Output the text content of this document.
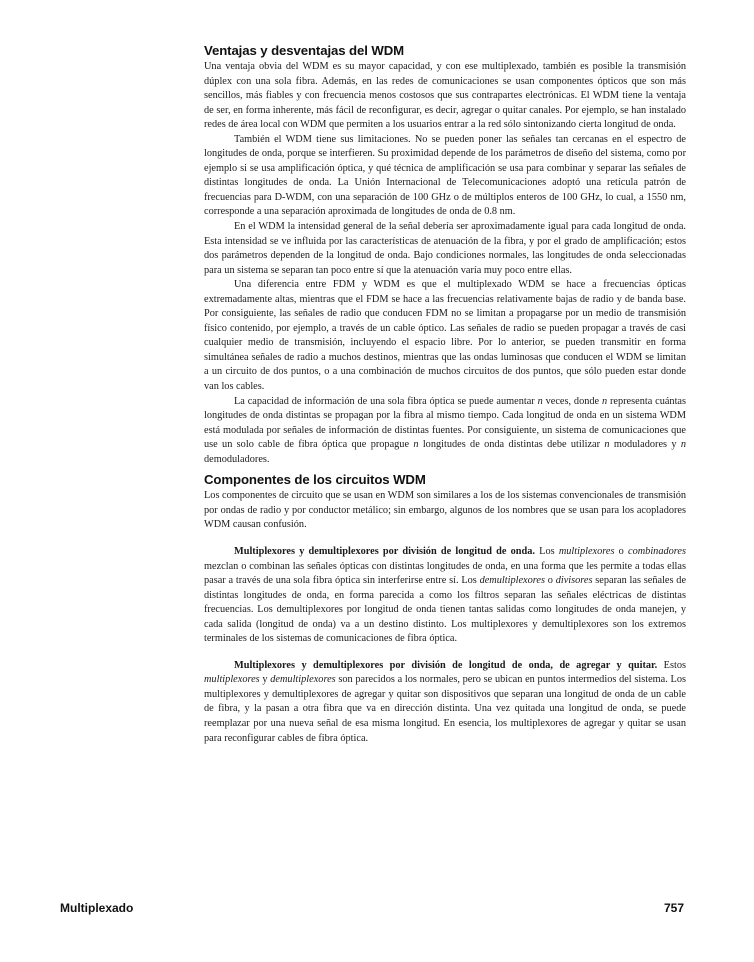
Ventajas y desventajas del WDM

Una ventaja obvia del WDM es su mayor capacidad, y con ese multiplexado, también es posible la transmisión dúplex con una sola fibra. Además, en las redes de comunicaciones se usan componentes ópticos que son más sencillos, más fiables y con frecuencia menos costosos que sus contrapartes electrónicas. El WDM tiene la ventaja de ser, en forma inherente, más fácil de reconfigurar, es decir, agregar o quitar canales. Por ejemplo, se han instalado redes de área local con WDM que permiten a los usuarios entrar a la red sólo sintonizando cierta longitud de onda.

También el WDM tiene sus limitaciones. No se pueden poner las señales tan cercanas en el espectro de longitudes de onda, porque se interfieren. Su proximidad depende de los parámetros de diseño del sistema, como por ejemplo si se usa amplificación óptica, y qué técnica de amplificación se usa para combinar y separar las señales de distintas longitudes de onda. La Unión Internacional de Telecomunicaciones adoptó una retícula patrón de frecuencias para D-WDM, con una separación de 100 GHz o de múltiplos enteros de 100 GHz, lo cual, a 1550 nm, corresponde a una separación aproximada de longitudes de onda de 0.8 nm.

En el WDM la intensidad general de la señal debería ser aproximadamente igual para cada longitud de onda. Esta intensidad se ve influida por las características de atenuación de la fibra, y por el grado de amplificación; estos dos parámetros dependen de la longitud de onda. Bajo condiciones normales, las longitudes de onda seleccionadas para un sistema se separan tan poco entre sí que la atenuación varía muy poco entre ellas.

Una diferencia entre FDM y WDM es que el multiplexado WDM se hace a frecuencias ópticas extremadamente altas, mientras que el FDM se hace a las frecuencias relativamente bajas de radio y de banda base. Por consiguiente, las señales de radio que conducen FDM no se limitan a propagarse por un medio de transmisión físico contenido, por ejemplo, a través de un cable óptico. Las señales de radio se pueden propagar a través de casi cualquier medio de transmisión, incluyendo el espacio libre. Por lo anterior, se pueden transmitir en forma simultánea señales de radio a muchos destinos, mientras que las ondas luminosas que conducen el WDM se limitan a un circuito de dos puntos, o a una combinación de muchos circuitos de dos puntos, que sólo pueden estar donde van los cables.

La capacidad de información de una sola fibra óptica se puede aumentar n veces, donde n representa cuántas longitudes de onda distintas se propagan por la fibra al mismo tiempo. Cada longitud de onda en un sistema WDM está modulada por señales de información de distintas fuentes. Por consiguiente, un sistema de comunicaciones que use un solo cable de fibra óptica que propague n longitudes de onda distintas debe utilizar n moduladores y n demoduladores.

Componentes de los circuitos WDM

Los componentes de circuito que se usan en WDM son similares a los de los sistemas convencionales de transmisión por ondas de radio y por conductor metálico; sin embargo, algunos de los nombres que se usan para los acopladores WDM causan confusión.

Multiplexores y demultiplexores por división de longitud de onda. Los multiplexores o combinadores mezclan o combinan las señales ópticas con distintas longitudes de onda, en una forma que les permite a todas ellas pasar a través de una sola fibra óptica sin interferirse entre sí. Los demultiplexores o divisores separan las señales de distintas longitudes de onda, en forma parecida a como los filtros separan las señales eléctricas de distintas frecuencias. Los demultiplexores por longitud de onda tienen tantas salidas como longitudes de onda manejen, y cada salida (longitud de onda) va a un destino distinto. Los multiplexores y demultiplexores son los extremos terminales de los sistemas de comunicaciones de fibra óptica.

Multiplexores y demultiplexores por división de longitud de onda, de agregar y quitar. Estos multiplexores y demultiplexores son parecidos a los normales, pero se ubican en puntos intermedios del sistema. Los multiplexores y demultiplexores de agregar y quitar son dispositivos que separan una longitud de onda de un cable de fibra, y la pasan a otra fibra que va en dirección distinta. Una vez quitada una longitud de onda, se puede reemplazar por una nueva señal de esa misma longitud. En esencia, los multiplexores de agregar y quitar se usan para reconfigurar cables de fibra óptica.

Multiplexado	757
